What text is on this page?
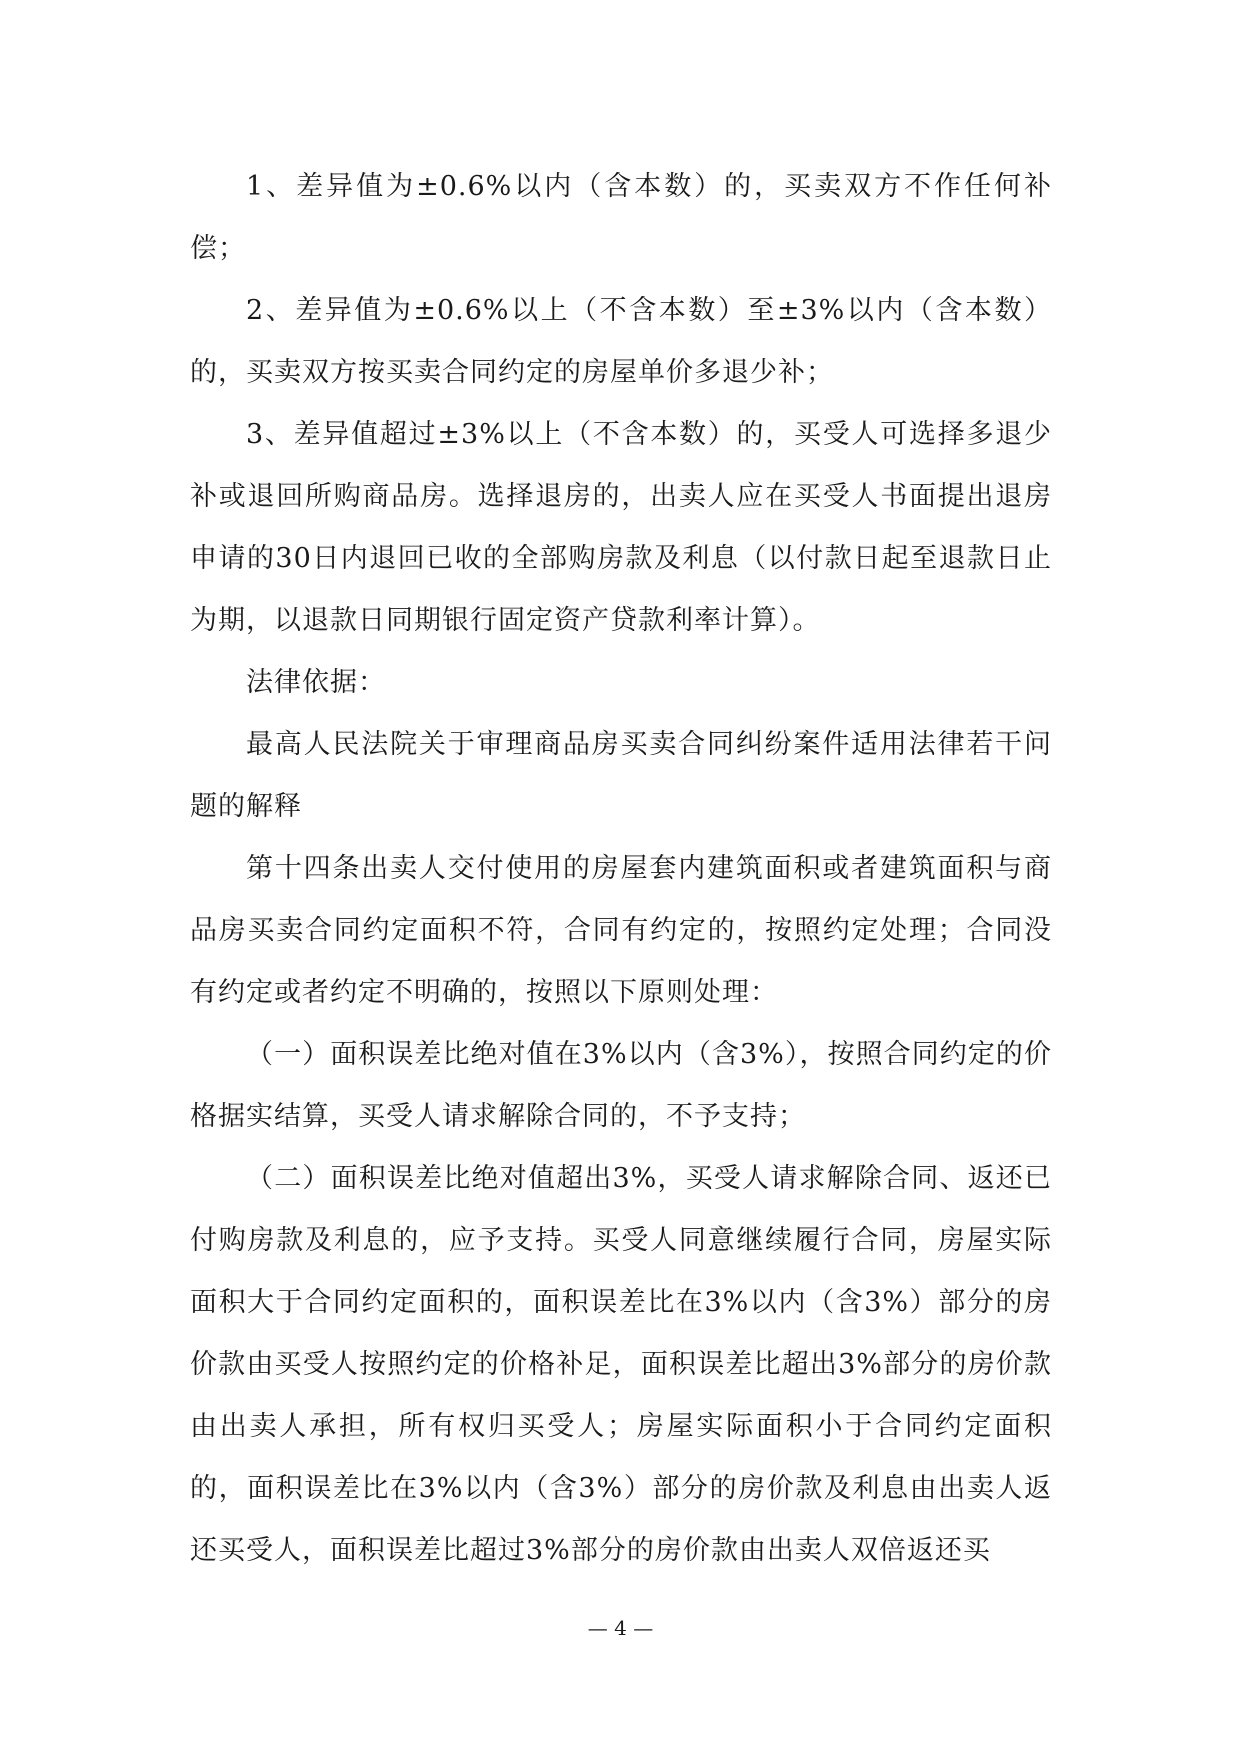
1、差异值为±0.6%以内（含本数）的，买卖双方不作任何补偿；

2、差异值为±0.6%以上（不含本数）至±3%以内（含本数）的，买卖双方按买卖合同约定的房屋单价多退少补；

3、差异值超过±3%以上（不含本数）的，买受人可选择多退少补或退回所购商品房。选择退房的，出卖人应在买受人书面提出退房申请的30日内退回已收的全部购房款及利息（以付款日起至退款日止为期，以退款日同期银行固定资产贷款利率计算）。

法律依据：

最高人民法院关于审理商品房买卖合同纠纷案件适用法律若干问题的解释

第十四条出卖人交付使用的房屋套内建筑面积或者建筑面积与商品房买卖合同约定面积不符，合同有约定的，按照约定处理；合同没有约定或者约定不明确的，按照以下原则处理：

（一）面积误差比绝对值在3%以内（含3%），按照合同约定的价格据实结算，买受人请求解除合同的，不予支持；

（二）面积误差比绝对值超出3%，买受人请求解除合同、返还已付购房款及利息的，应予支持。买受人同意继续履行合同，房屋实际面积大于合同约定面积的，面积误差比在3%以内（含3%）部分的房价款由买受人按照约定的价格补足，面积误差比超出3%部分的房价款由出卖人承担，所有权归买受人；房屋实际面积小于合同约定面积的，面积误差比在3%以内（含3%）部分的房价款及利息由出卖人返还买受人，面积误差比超过3%部分的房价款由出卖人双倍返还买

— 4 —
